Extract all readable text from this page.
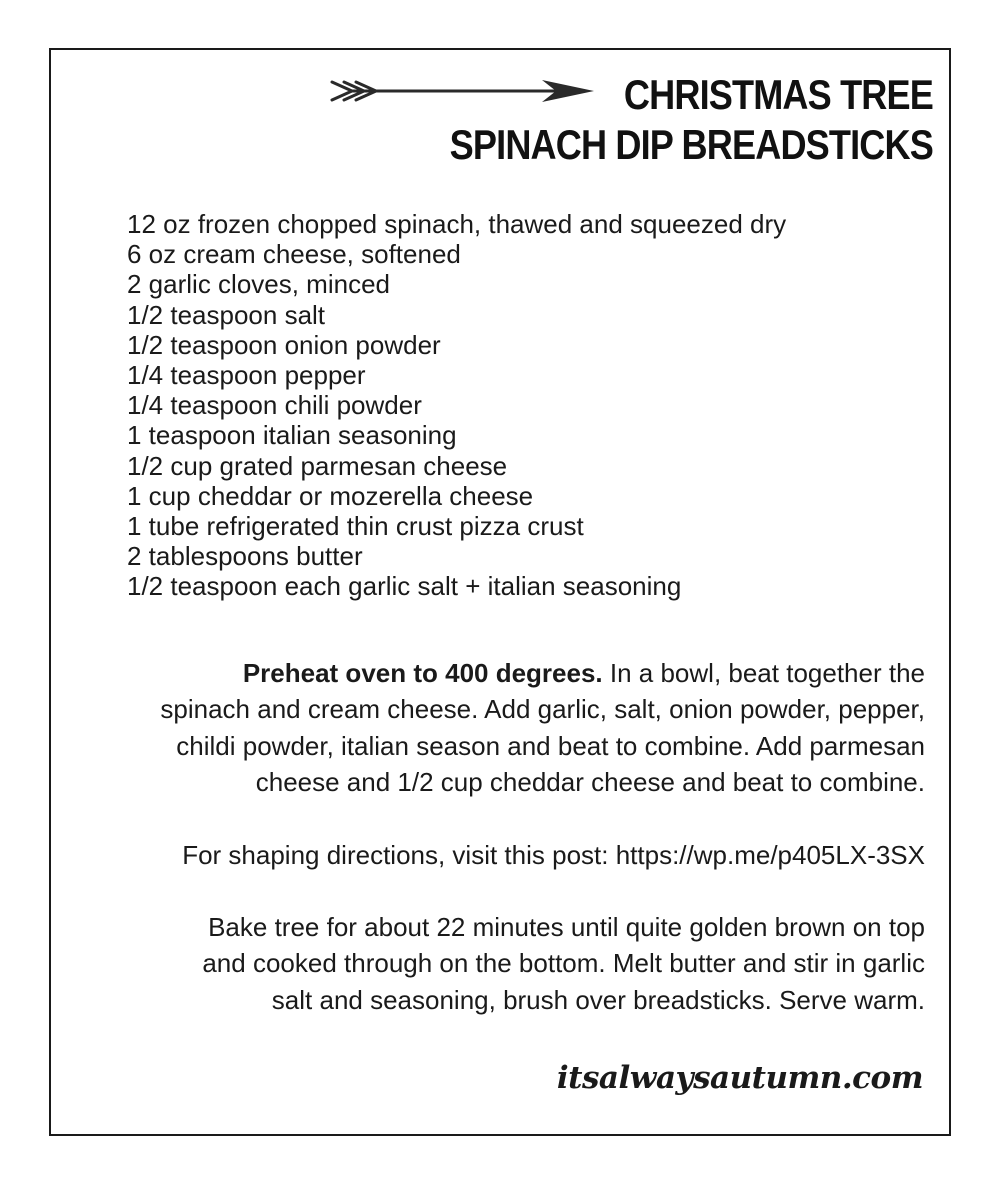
CHRISTMAS TREE
SPINACH DIP BREADSTICKS
12 oz frozen chopped spinach, thawed and squeezed dry
6 oz cream cheese, softened
2 garlic cloves, minced
1/2 teaspoon salt
1/2 teaspoon onion powder
1/4 teaspoon pepper
1/4 teaspoon chili powder
1 teaspoon italian seasoning
1/2 cup grated parmesan cheese
1 cup cheddar or mozerella cheese
1 tube refrigerated thin crust pizza crust
2 tablespoons butter
1/2 teaspoon each garlic salt + italian seasoning
Preheat oven to 400 degrees. In a bowl, beat together the
spinach and cream cheese. Add garlic, salt, onion powder, pepper,
childi powder, italian season and beat to combine. Add parmesan
cheese and 1/2 cup cheddar cheese and beat to combine.
For shaping directions, visit this post: https://wp.me/p405LX-3SX
Bake tree for about 22 minutes until quite golden brown on top
and cooked through on the bottom. Melt butter and stir in garlic
salt and seasoning, brush over breadsticks. Serve warm.
itsalwaysautumn.com
